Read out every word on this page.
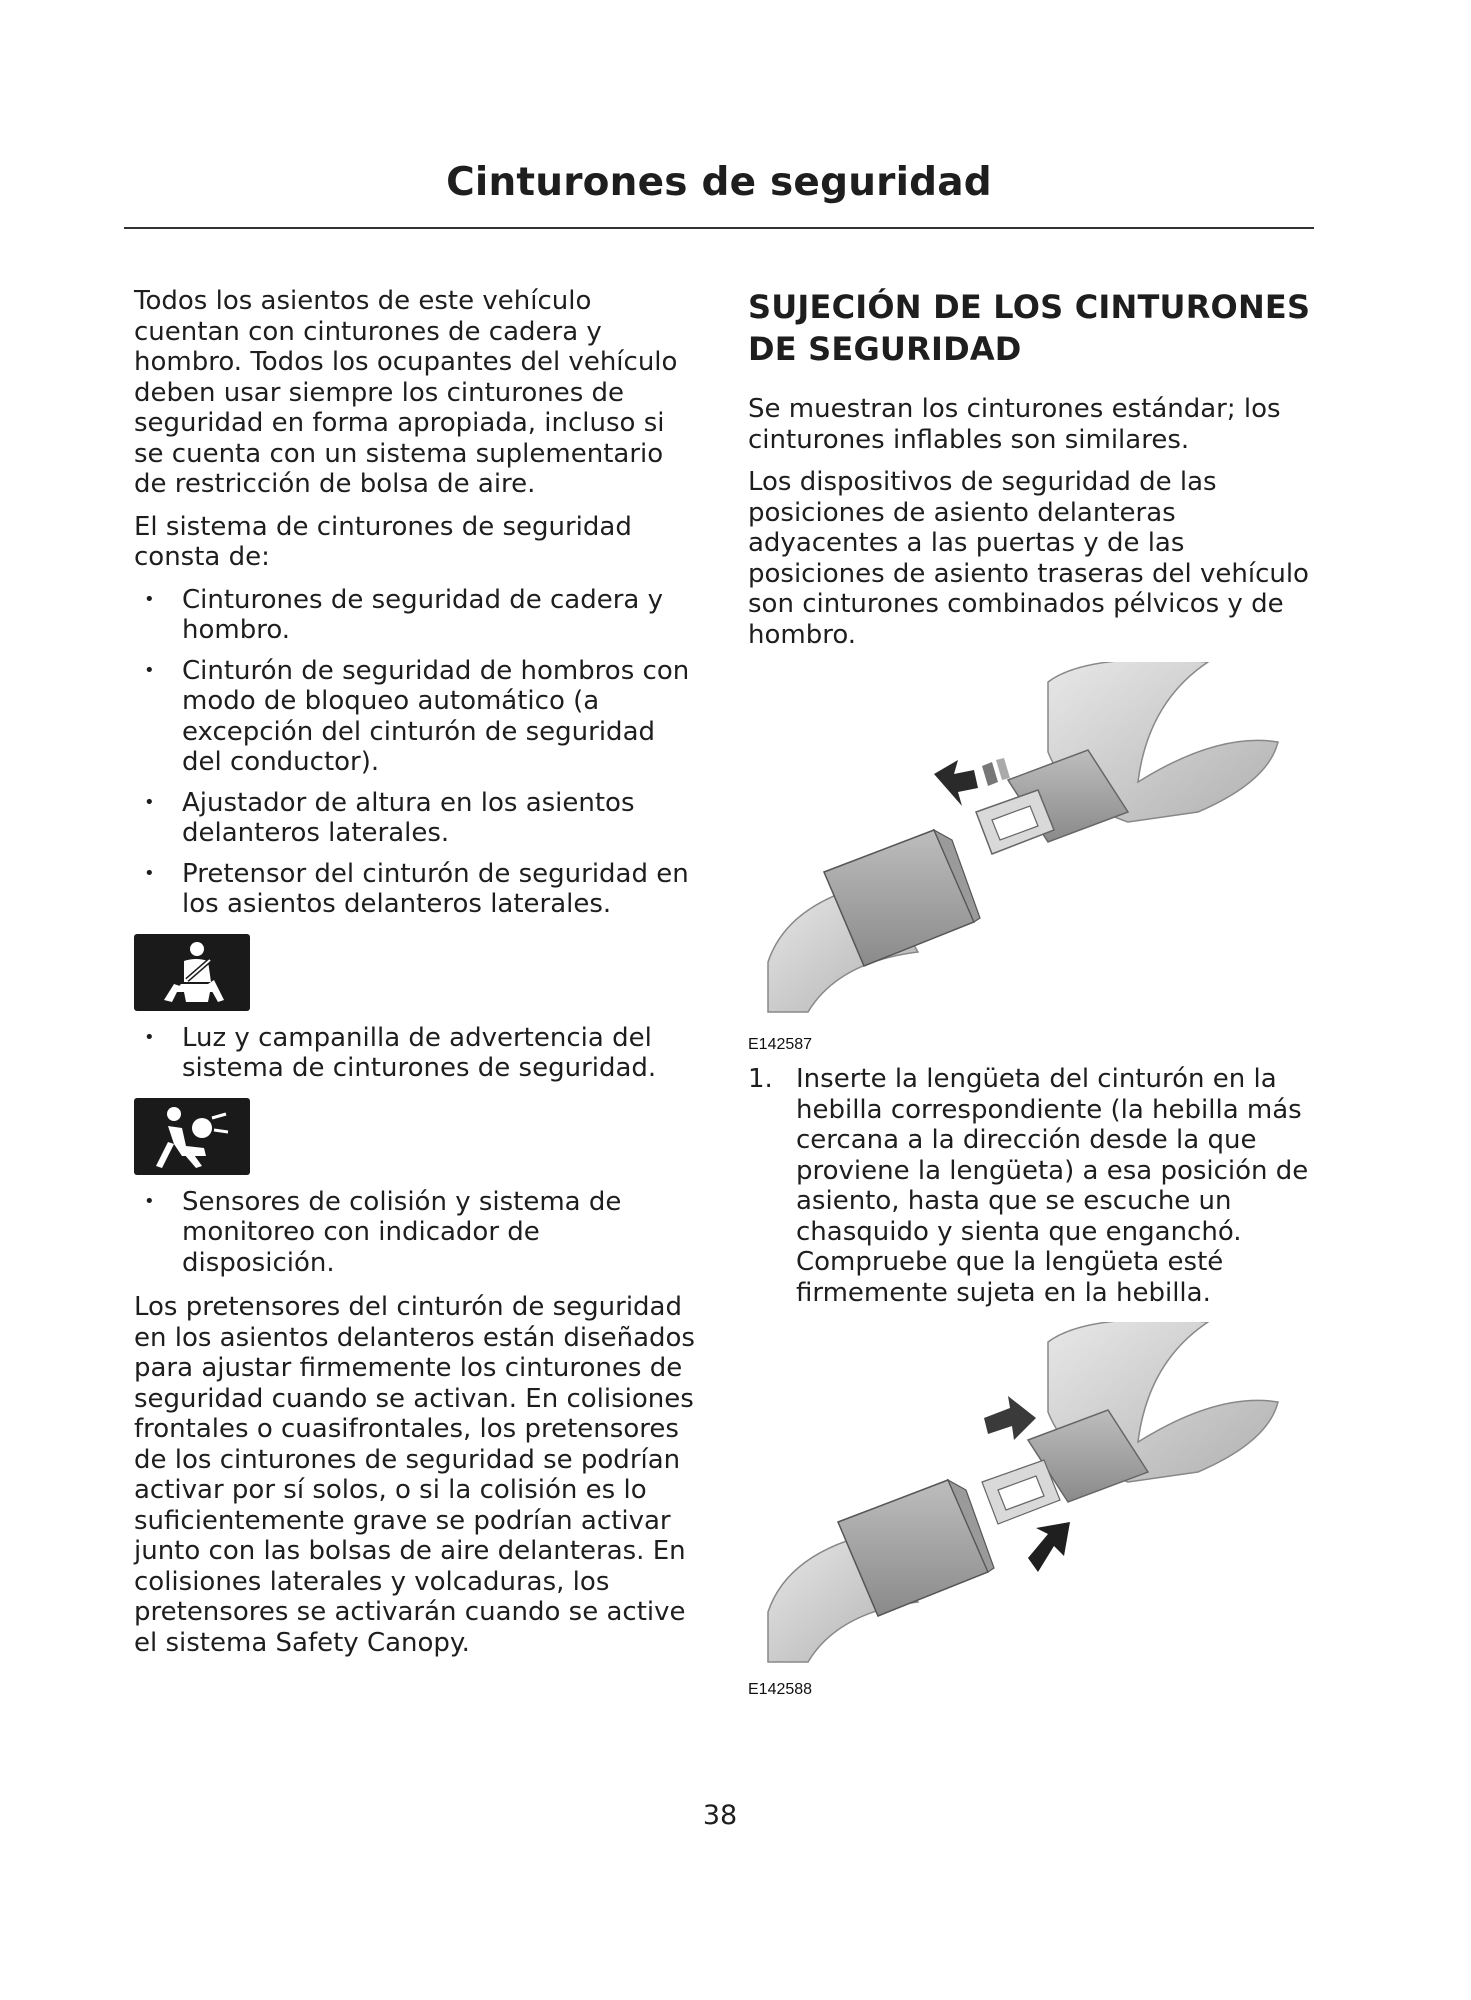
Cinturones de seguridad

Todos los asientos de este vehículo cuentan con cinturones de cadera y hombro. Todos los ocupantes del vehículo deben usar siempre los cinturones de seguridad en forma apropiada, incluso si se cuenta con un sistema suplementario de restricción de bolsa de aire.

El sistema de cinturones de seguridad consta de:

• Cinturones de seguridad de cadera y hombro.
• Cinturón de seguridad de hombros con modo de bloqueo automático (a excepción del cinturón de seguridad del conductor).
• Ajustador de altura en los asientos delanteros laterales.
• Pretensor del cinturón de seguridad en los asientos delanteros laterales.
• Luz y campanilla de advertencia del sistema de cinturones de seguridad.
• Sensores de colisión y sistema de monitoreo con indicador de disposición.

Los pretensores del cinturón de seguridad en los asientos delanteros están diseñados para ajustar firmemente los cinturones de seguridad cuando se activan. En colisiones frontales o cuasifrontales, los pretensores de los cinturones de seguridad se podrían activar por sí solos, o si la colisión es lo suficientemente grave se podrían activar junto con las bolsas de aire delanteras. En colisiones laterales y volcaduras, los pretensores se activarán cuando se active el sistema Safety Canopy.

SUJECIÓN DE LOS CINTURONES DE SEGURIDAD

Se muestran los cinturones estándar; los cinturones inflables son similares.

Los dispositivos de seguridad de las posiciones de asiento delanteras adyacentes a las puertas y de las posiciones de asiento traseras del vehículo son cinturones combinados pélvicos y de hombro.

E142587
1. Inserte la lengüeta del cinturón en la hebilla correspondiente (la hebilla más cercana a la dirección desde la que proviene la lengüeta) a esa posición de asiento, hasta que se escuche un chasquido y sienta que enganchó. Compruebe que la lengüeta esté firmemente sujeta en la hebilla.
E142588
38
